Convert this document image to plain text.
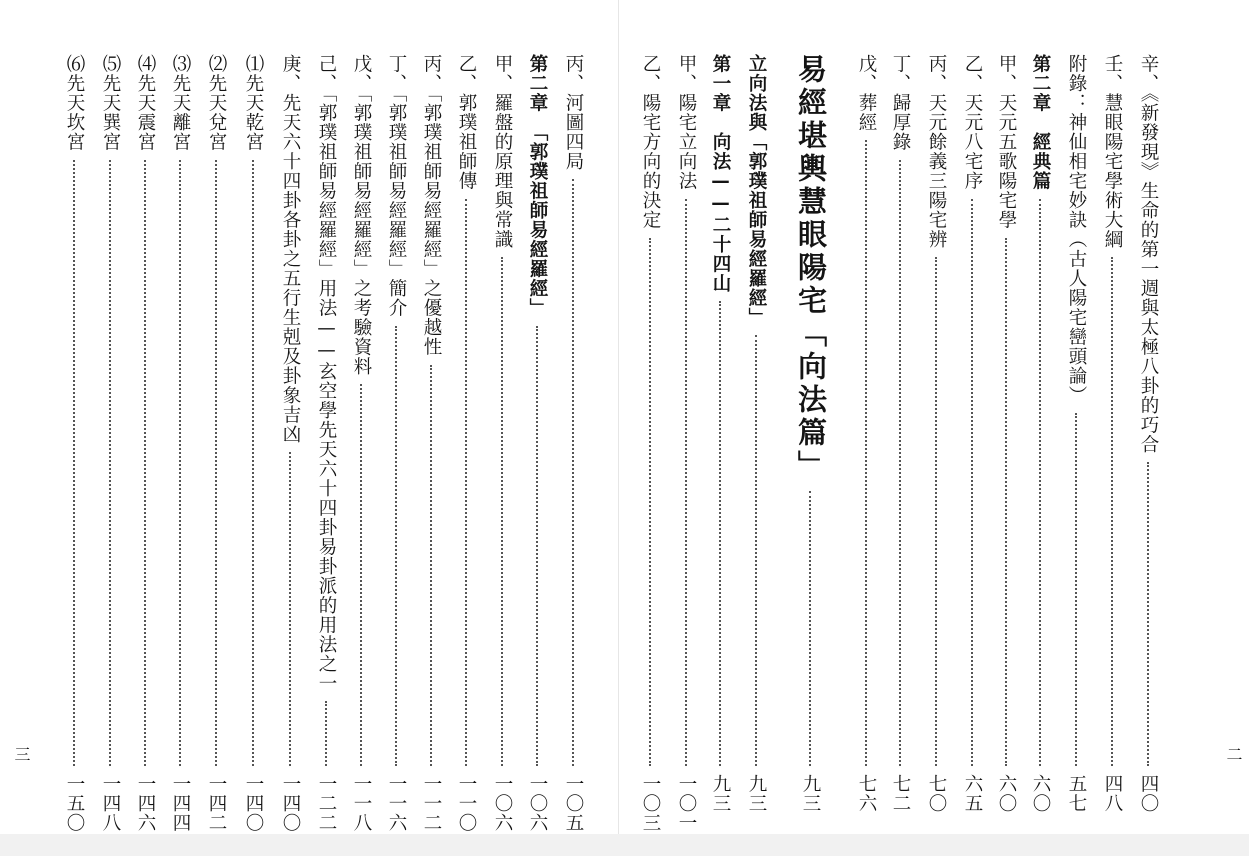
三	二
辛、《新發現》生命的第一週與太極八卦的巧合
四〇
壬、慧眼陽宅學術大綱
四八
附錄：神仙相宅妙訣（古人陽宅巒頭論）
五七
第二章　經典篇
六〇
甲、天元五歌陽宅學
六〇
乙、天元八宅序
六五
丙、天元餘義三陽宅辨
七〇
丁、歸厚錄
七二
戊、葬經
七六
易經堪輿慧眼陽宅「向法篇」
九三
立向法與「郭璞祖師易經羅經」
九三
第一章　向法——二十四山
九三
甲、陽宅立向法
一〇一
乙、陽宅方向的決定
一〇三
丙、河圖四局
一〇五
第二章　「郭璞祖師易經羅經」
一〇六
甲、羅盤的原理與常識
一〇六
乙、郭璞祖師傳
一一〇
丙、「郭璞祖師易經羅經」之優越性
一一二
丁、「郭璞祖師易經羅經」簡介
一一六
戊、「郭璞祖師易經羅經」之考驗資料
一一八
己、「郭璞祖師易經羅經」用法——玄空學先天六十四卦易卦派的用法之一
一二二
庚、先天六十四卦各卦之五行生剋及卦象吉凶
一四〇
⑴先天乾宮
一四〇
⑵先天兌宮
一四二
⑶先天離宮
一四四
⑷先天震宮
一四六
⑸先天巽宮
一四八
⑹先天坎宮
一五〇
